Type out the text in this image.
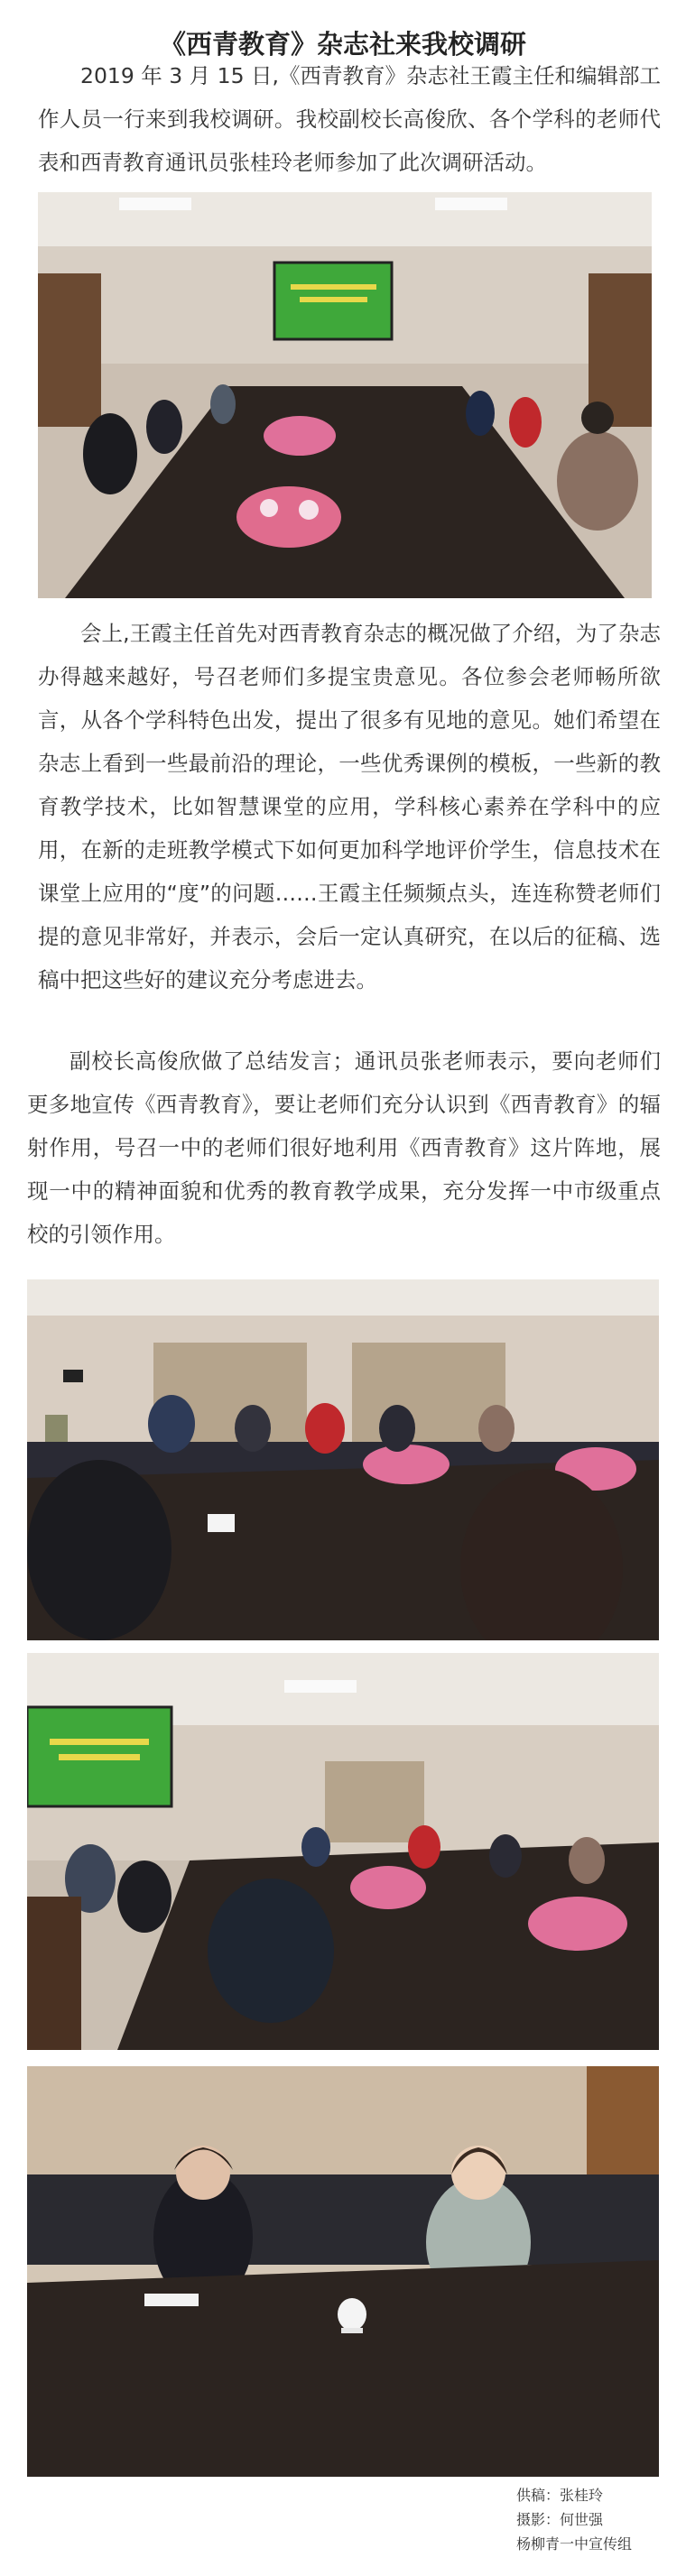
《西青教育》杂志社来我校调研

2019 年 3 月 15 日,《西青教育》杂志社王霞主任和编辑部工作人员一行来到我校调研。我校副校长高俊欣、各个学科的老师代表和西青教育通讯员张桂玲老师参加了此次调研活动。

会上,王霞主任首先对西青教育杂志的概况做了介绍，为了杂志办得越来越好，号召老师们多提宝贵意见。各位参会老师畅所欲言，从各个学科特色出发，提出了很多有见地的意见。她们希望在杂志上看到一些最前沿的理论，一些优秀课例的模板，一些新的教育教学技术，比如智慧课堂的应用，学科核心素养在学科中的应用，在新的走班教学模式下如何更加科学地评价学生，信息技术在课堂上应用的“度”的问题……王霞主任频频点头，连连称赞老师们提的意见非常好，并表示，会后一定认真研究，在以后的征稿、选稿中把这些好的建议充分考虑进去。

副校长高俊欣做了总结发言；通讯员张老师表示，要向老师们更多地宣传《西青教育》，要让老师们充分认识到《西青教育》的辐射作用，号召一中的老师们很好地利用《西青教育》这片阵地，展现一中的精神面貌和优秀的教育教学成果，充分发挥一中市级重点校的引领作用。

供稿：张桂玲
摄影：何世强
杨柳青一中宣传组
